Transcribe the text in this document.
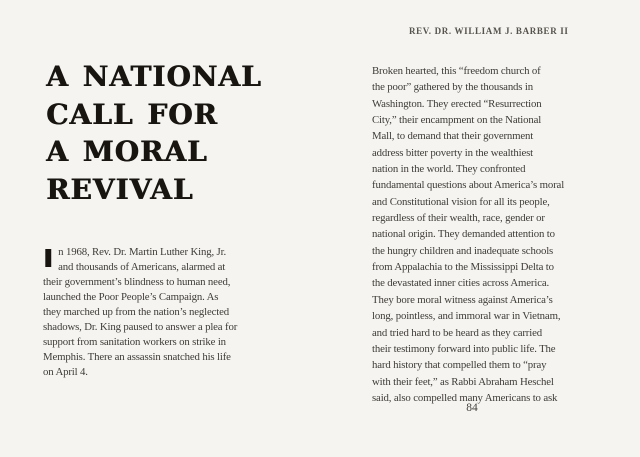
REV. DR. WILLIAM J. BARBER II
A NATIONAL
CALL FOR
A MORAL
REVIVAL

I n 1968, Rev. Dr. Martin Luther King, Jr.
and thousands of Americans, alarmed at
their government’s blindness to human need,
launched the Poor People’s Campaign. As
they marched up from the nation’s neglected
shadows, Dr. King paused to answer a plea for
support from sanitation workers on strike in
Memphis. There an assassin snatched his life
on April 4.

Broken hearted, this “freedom church of
the poor” gathered by the thousands in
Washington. They erected “Resurrection
City,” their encampment on the National
Mall, to demand that their government
address bitter poverty in the wealthiest
nation in the world. They confronted
fundamental questions about America’s moral
and Constitutional vision for all its people,
regardless of their wealth, race, gender or
national origin. They demanded attention to
the hungry children and inadequate schools
from Appalachia to the Mississippi Delta to
the devastated inner cities across America.
They bore moral witness against America’s
long, pointless, and immoral war in Vietnam,
and tried hard to be heard as they carried
their testimony forward into public life. The
hard history that compelled them to “pray
with their feet,” as Rabbi Abraham Heschel
said, also compelled many Americans to ask

84
